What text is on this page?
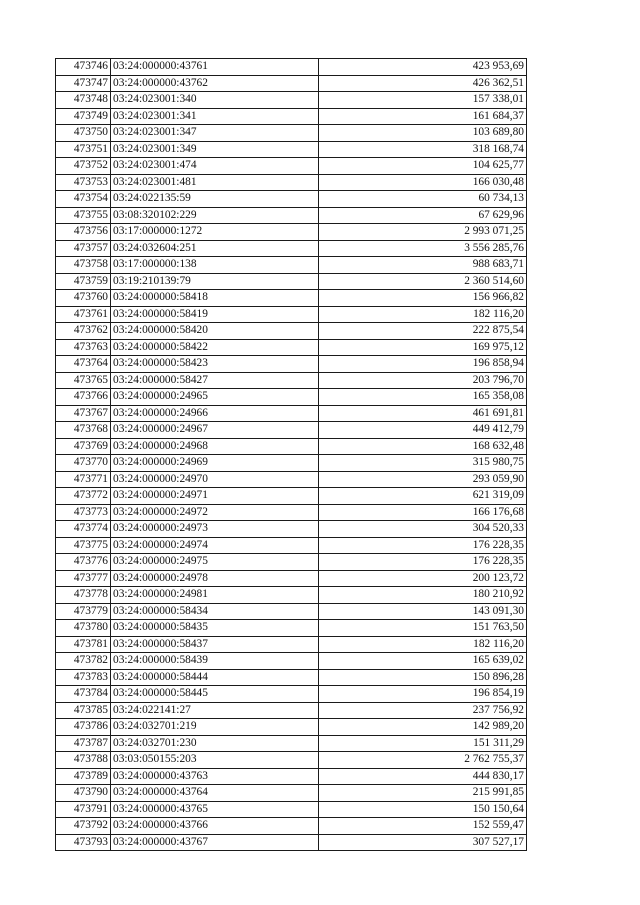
473746	03:24:000000:43761	423 953,69
473747	03:24:000000:43762	426 362,51
473748	03:24:023001:340	157 338,01
473749	03:24:023001:341	161 684,37
473750	03:24:023001:347	103 689,80
473751	03:24:023001:349	318 168,74
473752	03:24:023001:474	104 625,77
473753	03:24:023001:481	166 030,48
473754	03:24:022135:59	60 734,13
473755	03:08:320102:229	67 629,96
473756	03:17:000000:1272	2 993 071,25
473757	03:24:032604:251	3 556 285,76
473758	03:17:000000:138	988 683,71
473759	03:19:210139:79	2 360 514,60
473760	03:24:000000:58418	156 966,82
473761	03:24:000000:58419	182 116,20
473762	03:24:000000:58420	222 875,54
473763	03:24:000000:58422	169 975,12
473764	03:24:000000:58423	196 858,94
473765	03:24:000000:58427	203 796,70
473766	03:24:000000:24965	165 358,08
473767	03:24:000000:24966	461 691,81
473768	03:24:000000:24967	449 412,79
473769	03:24:000000:24968	168 632,48
473770	03:24:000000:24969	315 980,75
473771	03:24:000000:24970	293 059,90
473772	03:24:000000:24971	621 319,09
473773	03:24:000000:24972	166 176,68
473774	03:24:000000:24973	304 520,33
473775	03:24:000000:24974	176 228,35
473776	03:24:000000:24975	176 228,35
473777	03:24:000000:24978	200 123,72
473778	03:24:000000:24981	180 210,92
473779	03:24:000000:58434	143 091,30
473780	03:24:000000:58435	151 763,50
473781	03:24:000000:58437	182 116,20
473782	03:24:000000:58439	165 639,02
473783	03:24:000000:58444	150 896,28
473784	03:24:000000:58445	196 854,19
473785	03:24:022141:27	237 756,92
473786	03:24:032701:219	142 989,20
473787	03:24:032701:230	151 311,29
473788	03:03:050155:203	2 762 755,37
473789	03:24:000000:43763	444 830,17
473790	03:24:000000:43764	215 991,85
473791	03:24:000000:43765	150 150,64
473792	03:24:000000:43766	152 559,47
473793	03:24:000000:43767	307 527,17
